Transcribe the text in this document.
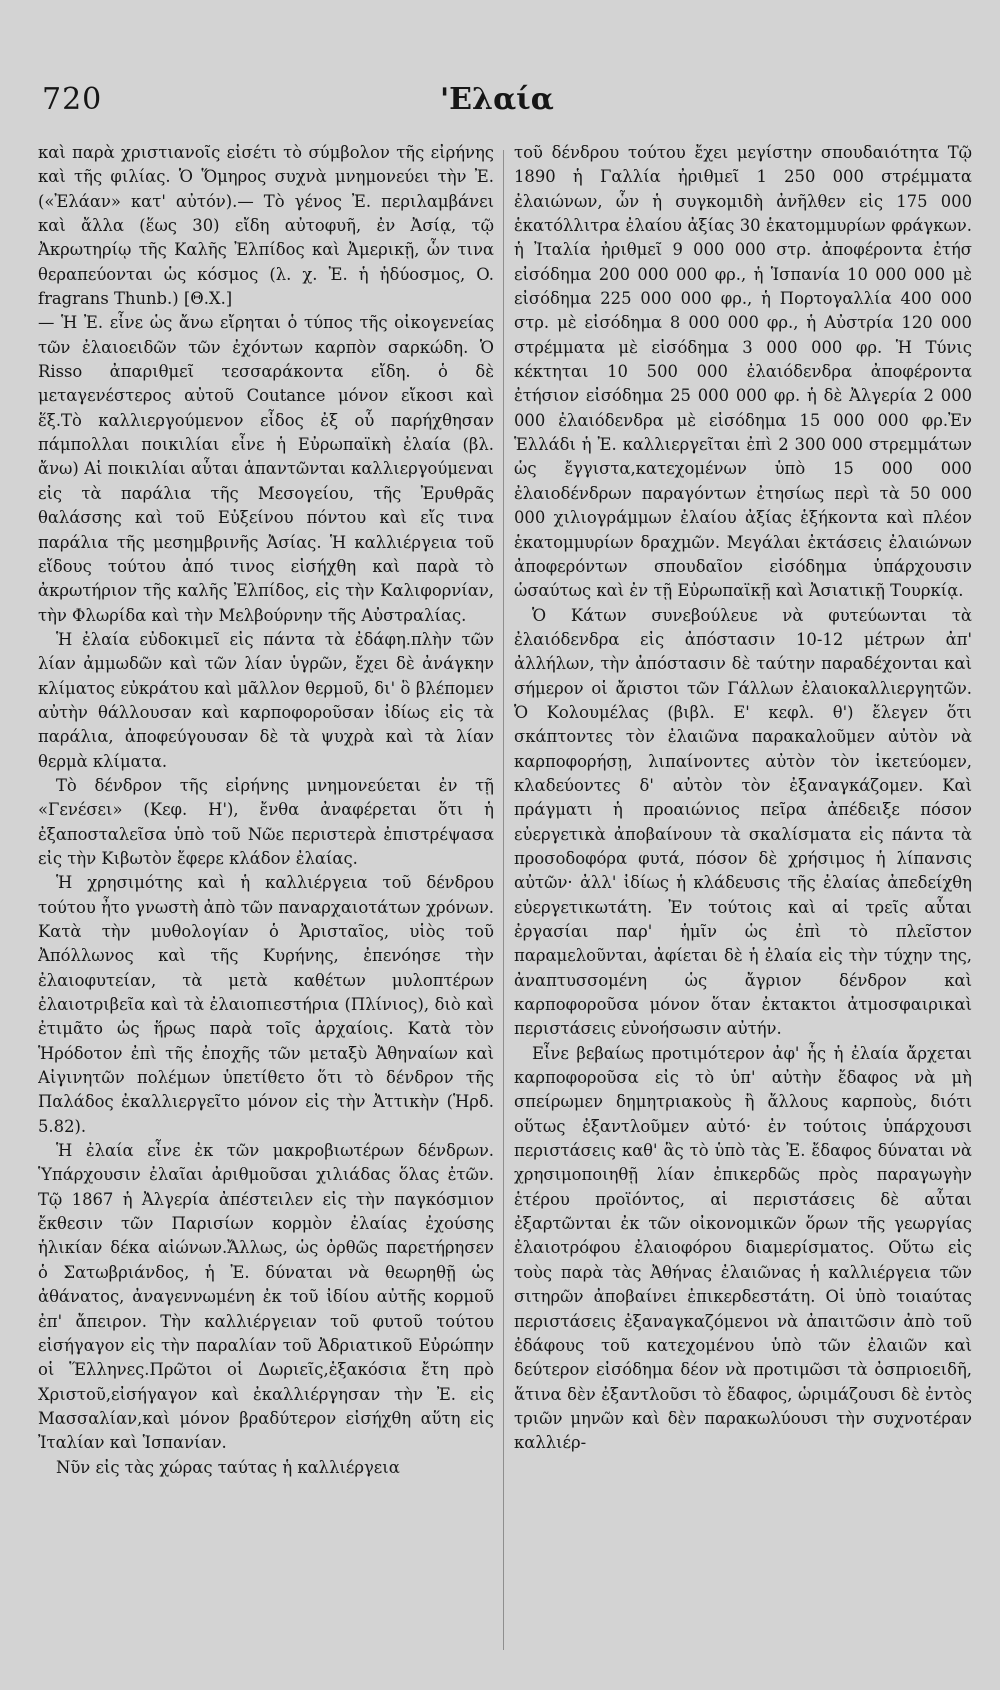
720	'Ελαία

καὶ παρὰ χριστιανοῖς εἰσέτι τὸ σύμβολον τῆς εἰρήνης καὶ τῆς φιλίας. Ὁ Ὅμηρος συχνὰ μνημονεύει τὴν Ἐ. («Ἐλάαν» κατ' αὐτόν).— Τὸ γένος Ἐ. περιλαμβάνει καὶ ἄλλα (ἕως 30) εἴδη αὐτοφυῆ, ἐν Ἀσίᾳ, τῷ Ἀκρωτηρίῳ τῆς Καλῆς Ἐλπίδος καὶ Ἀμερικῇ, ὧν τινα θεραπεύονται ὡς κόσμος (λ. χ. Ἐ. ἡ ἡδύοσμος, O. fragrans Thunb.) [Θ.Χ.]

— Ἡ Ἐ. εἶνε ὡς ἄνω εἴρηται ὁ τύπος τῆς οἰκογενείας τῶν ἐλαιοειδῶν τῶν ἐχόντων καρπὸν σαρκώδη. Ὁ Risso ἀπαριθμεῖ τεσσαράκοντα εἴδη. ὁ δὲ μεταγενέστερος αὐτοῦ Coutance μόνον εἴκοσι καὶ ἕξ.Τὸ καλλιεργούμενον εἶδος ἐξ οὗ παρήχθησαν πάμπολλαι ποικιλίαι εἶνε ἡ Εὐρωπαϊκὴ ἐλαία (βλ. ἄνω) Αἱ ποικιλίαι αὗται ἁπαντῶνται καλλιεργούμεναι εἰς τὰ παράλια τῆς Μεσογείου, τῆς Ἐρυθρᾶς θαλάσσης καὶ τοῦ Εὐξείνου πόντου καὶ εἴς τινα παράλια τῆς μεσημβρινῆς Ἀσίας. Ἡ καλλιέργεια τοῦ εἴδους τούτου ἀπό τινος εἰσήχθη καὶ παρὰ τὸ ἀκρωτήριον τῆς καλῆς Ἐλπίδος, εἰς τὴν Καλιφορνίαν, τὴν Φλωρίδα καὶ τὴν Μελβούρνην τῆς Αὐστραλίας.

Ἡ ἐλαία εὐδοκιμεῖ εἰς πάντα τὰ ἐδάφη.πλὴν τῶν λίαν ἀμμωδῶν καὶ τῶν λίαν ὑγρῶν, ἔχει δὲ ἀνάγκην κλίματος εὐκράτου καὶ μᾶλλον θερμοῦ, δι' ὃ βλέπομεν αὐτὴν θάλλουσαν καὶ καρποφοροῦσαν ἰδίως εἰς τὰ παράλια, ἀποφεύγουσαν δὲ τὰ ψυχρὰ καὶ τὰ λίαν θερμὰ κλίματα.

Τὸ δένδρον τῆς εἰρήνης μνημονεύεται ἐν τῇ «Γενέσει» (Κεφ. Η'), ἔνθα ἀναφέρεται ὅτι ἡ ἐξαποσταλεῖσα ὑπὸ τοῦ Νῶε περιστερὰ ἐπιστρέψασα εἰς τὴν Κιβωτὸν ἔφερε κλάδον ἐλαίας.

Ἡ χρησιμότης καὶ ἡ καλλιέργεια τοῦ δένδρου τούτου ἦτο γνωστὴ ἀπὸ τῶν παναρχαιοτάτων χρόνων. Κατὰ τὴν μυθολογίαν ὁ Ἀρισταῖος, υἱὸς τοῦ Ἀπόλλωνος καὶ τῆς Κυρήνης, ἐπενόησε τὴν ἐλαιοφυτείαν, τὰ μετὰ καθέτων μυλοπτέρων ἐλαιοτριβεῖα καὶ τὰ ἐλαιοπιεστήρια (Πλίνιος), διὸ καὶ ἐτιμᾶτο ὡς ἥρως παρὰ τοῖς ἀρχαίοις. Κατὰ τὸν Ἡρόδοτον ἐπὶ τῆς ἐποχῆς τῶν μεταξὺ Ἀθηναίων καὶ Αἰγινητῶν πολέμων ὑπετίθετο ὅτι τὸ δένδρον τῆς Παλάδος ἐκαλλιεργεῖτο μόνον εἰς τὴν Ἀττικὴν (Ἡρδ. 5.82).

Ἡ ἐλαία εἶνε ἐκ τῶν μακροβιωτέρων δένδρων. Ὑπάρχουσιν ἐλαῖαι ἀριθμοῦσαι χιλιάδας ὅλας ἐτῶν. Τῷ 1867 ἡ Ἀλγερία ἀπέστειλεν εἰς τὴν παγκόσμιον ἔκθεσιν τῶν Παρισίων κορμὸν ἐλαίας ἐχούσης ἡλικίαν δέκα αἰώνων.Ἄλλως, ὡς ὀρθῶς παρετήρησεν ὁ Σατωβριάνδος, ἡ Ἐ. δύναται νὰ θεωρηθῇ ὡς ἀθάνατος, ἀναγεννωμένη ἐκ τοῦ ἰδίου αὐτῆς κορμοῦ ἐπ' ἄπειρον. Τὴν καλλιέργειαν τοῦ φυτοῦ τούτου εἰσήγαγον εἰς τὴν παραλίαν τοῦ Ἀδριατικοῦ Εὐρώπην οἱ Ἕλληνες.Πρῶτοι οἱ Δωριεῖς,ἑξακόσια ἔτη πρὸ Χριστοῦ,εἰσήγαγον καὶ ἐκαλλιέργησαν τὴν Ἐ. εἰς Μασσαλίαν,καὶ μόνον βραδύτερον εἰσήχθη αὕτη εἰς Ἰταλίαν καὶ Ἱσπανίαν.

Νῦν εἰς τὰς χώρας ταύτας ἡ καλλιέργεια

τοῦ δένδρου τούτου ἔχει μεγίστην σπουδαιότητα Τῷ 1890 ἡ Γαλλία ἠριθμεῖ 1 250 000 στρέμματα ἐλαιώνων, ὧν ἡ συγκομιδὴ ἀνῆλθεν εἰς 175 000 ἑκατόλλιτρα ἐλαίου ἀξίας 30 ἑκατομμυρίων φράγκων. ἡ Ἰταλία ἠριθμεῖ 9 000 000 στρ. ἀποφέροντα ἐτήσ εἰσόδημα 200 000 000 φρ., ἡ Ἱσπανία 10 000 000 μὲ εἰσόδημα 225 000 000 φρ., ἡ Πορτογαλλία 400 000 στρ. μὲ εἰσόδημα 8 000 000 φρ., ἡ Αὐστρία 120 000 στρέμματα μὲ εἰσόδημα 3 000 000 φρ. Ἡ Τύνις κέκτηται 10 500 000 ἐλαιόδενδρα ἀποφέροντα ἐτήσιον εἰσόδημα 25 000 000 φρ. ἡ δὲ Ἀλγερία 2 000 000 ἐλαιόδενδρα μὲ εἰσόδημα 15 000 000 φρ.Ἐν Ἑλλάδι ἡ Ἐ. καλλιεργεῖται ἐπὶ 2 300 000 στρεμμάτων ὡς ἔγγιστα,κατεχομένων ὑπὸ 15 000 000 ἐλαιοδένδρων παραγόντων ἐτησίως περὶ τὰ 50 000 000 χιλιογράμμων ἐλαίου ἀξίας ἑξήκοντα καὶ πλέον ἑκατομμυρίων δραχμῶν. Μεγάλαι ἐκτάσεις ἐλαιώνων ἀποφερόντων σπουδαῖον εἰσόδημα ὑπάρχουσιν ὡσαύτως καὶ ἐν τῇ Εὐρωπαϊκῇ καὶ Ἀσιατικῇ Τουρκίᾳ.

Ὁ Κάτων συνεβούλευε νὰ φυτεύωνται τὰ ἐλαιόδενδρα εἰς ἀπόστασιν 10-12 μέτρων ἀπ' ἀλλήλων, τὴν ἀπόστασιν δὲ ταύτην παραδέχονται καὶ σήμερον οἱ ἄριστοι τῶν Γάλλων ἐλαιοκαλλιεργητῶν. Ὁ Κολουμέλας (βιβλ. Ε' κεφλ. θ') ἔλεγεν ὅτι σκάπτοντες τὸν ἐλαιῶνα παρακαλοῦμεν αὐτὸν νὰ καρποφορήσῃ, λιπαίνοντες αὐτὸν τὸν ἱκετεύομεν, κλαδεύοντες δ' αὐτὸν τὸν ἐξαναγκάζομεν. Καὶ πράγματι ἡ προαιώνιος πεῖρα ἀπέδειξε πόσον εὐεργετικὰ ἀποβαίνουν τὰ σκαλίσματα εἰς πάντα τὰ προσοδοφόρα φυτά, πόσον δὲ χρήσιμος ἡ λίπανσις αὐτῶν· ἀλλ' ἰδίως ἡ κλάδευσις τῆς ἐλαίας ἀπεδείχθη εὐεργετικωτάτη. Ἐν τούτοις καὶ αἱ τρεῖς αὗται ἐργασίαι παρ' ἡμῖν ὡς ἐπὶ τὸ πλεῖστον παραμελοῦνται, ἀφίεται δὲ ἡ ἐλαία εἰς τὴν τύχην της, ἀναπτυσσομένη ὡς ἄγριον δένδρον καὶ καρποφοροῦσα μόνον ὅταν ἐκτακτοι ἀτμοσφαιρικαὶ περιστάσεις εὐνοήσωσιν αὐτήν.

Εἶνε βεβαίως προτιμότερον ἀφ' ἧς ἡ ἐλαία ἄρχεται καρποφοροῦσα εἰς τὸ ὑπ' αὐτὴν ἔδαφος νὰ μὴ σπείρωμεν δημητριακοὺς ἢ ἄλλους καρποὺς, διότι οὕτως ἐξαντλοῦμεν αὐτό· ἐν τούτοις ὑπάρχουσι περιστάσεις καθ' ἃς τὸ ὑπὸ τὰς Ἐ. ἔδαφος δύναται νὰ χρησιμοποιηθῇ λίαν ἐπικερδῶς πρὸς παραγωγὴν ἑτέρου προϊόντος, αἱ περιστάσεις δὲ αὗται ἐξαρτῶνται ἐκ τῶν οἰκονομικῶν ὅρων τῆς γεωργίας ἐλαιοτρόφου ἐλαιοφόρου διαμερίσματος. Οὕτω εἰς τοὺς παρὰ τὰς Ἀθήνας ἐλαιῶνας ἡ καλλιέργεια τῶν σιτηρῶν ἀποβαίνει ἐπικερδεστάτη. Οἱ ὑπὸ τοιαύτας περιστάσεις ἐξαναγκαζόμενοι νὰ ἀπαιτῶσιν ἀπὸ τοῦ ἐδάφους τοῦ κατεχομένου ὑπὸ τῶν ἐλαιῶν καὶ δεύτερον εἰσόδημα δέον νὰ προτιμῶσι τὰ ὀσπριοειδῆ, ἅτινα δὲν ἐξαντλοῦσι τὸ ἔδαφος, ὡριμάζουσι δὲ ἐντὸς τριῶν μηνῶν καὶ δὲν παρακωλύουσι τὴν συχνοτέραν καλλιέρ-
